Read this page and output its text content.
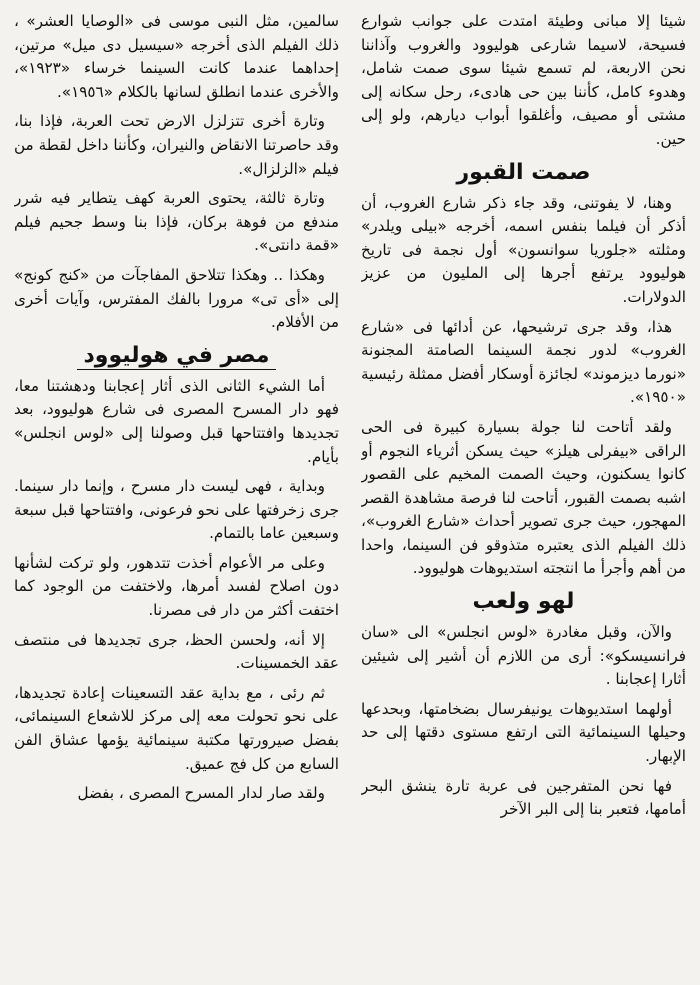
شيئا إلا مبانى وطيئة امتدت على جوانب شوارع فسيحة، لاسيما شارعى هوليوود والغروب وآذاننا نحن الاربعة، لم تسمع شيئا سوى صمت شامل، وهدوء كامل، كأننا بين حى هادىء، رحل سكانه إلى مشتى أو مصيف، وأغلقوا أبواب ديارهم، ولو إلى حين.

صمت القبور

وهنا، لا يفوتنى، وقد جاء ذكر شارع الغروب، أن أذكر أن فيلما بنفس اسمه، أخرجه «بيلى ويلدر» ومثلته «جلوريا سوانسون» أول نجمة فى تاريخ هوليوود يرتفع أجرها إلى المليون من عزيز الدولارات.

هذا، وقد جرى ترشيحها، عن أدائها فى «شارع الغروب» لدور نجمة السينما الصامتة المجنونة «نورما ديزموند» لجائزة أوسكار أفضل ممثلة رئيسية «١٩٥٠».

ولقد أتاحت لنا جولة بسيارة كبيرة فى الحى الراقى «بيفرلى هيلز» حيث يسكن أثرياء النجوم أو كانوا يسكنون، وحيث الصمت المخيم على القصور اشبه بصمت القبور، أتاحت لنا فرصة مشاهدة القصر المهجور، حيث جرى تصوير أحداث «شارع الغروب»، ذلك الفيلم الذى يعتبره متذوقو فن السينما، واحدا من أهم وأجرأ ما انتجته استديوهات هوليوود.

لهو ولعب

والآن، وقبل مغادرة «لوس انجلس» الى «سان فرانسيسكو»: أرى من اللازم أن أشير إلى شيئين أثارا إعجابنا .

أولهما استديوهات يونيفرسال بضخامتها، وبحدعها وحيلها السينمائية التى ارتفع مستوى دقتها إلى حد الإبهار.

فها نحن المتفرجين فى عربة تارة ينشق البحر أمامها، فتعبر بنا إلى البر الآخر

سالمين، مثل النبى موسى فى «الوصايا العشر» ، ذلك الفيلم الذى أخرجه «سيسيل دى ميل» مرتين، إحداهما عندما كانت السينما خرساء «١٩٢٣»، والأخرى عندما انطلق لسانها بالكلام «١٩٥٦».

وتارة أخرى تتزلزل الارض تحت العربة، فإذا بنا، وقد حاصرتنا الانقاض والنيران، وكأننا داخل لقطة من فيلم «الزلزال».

وتارة ثالثة، يحتوى العربة كهف يتطاير فيه شرر مندفع من فوهة بركان، فإذا بنا وسط جحيم فيلم «قمة دانتى».

وهكذا .. وهكذا تتلاحق المفاجآت من «كنج كونج» إلى «أى تى» مرورا بالفك المفترس، وآيات أخرى من الأفلام.

مصر في هوليوود

أما الشيء الثانى الذى أثار إعجابنا ودهشتنا معا، فهو دار المسرح المصرى فى شارع هوليوود، بعد تجديدها وافتتاحها قبل وصولنا إلى «لوس انجلس» بأيام.

وبداية ، فهى ليست دار مسرح ، وإنما دار سينما. جرى زخرفتها على نحو فرعونى، وافتتاحها قبل سبعة وسبعين عاما بالتمام.

وعلى مر الأعوام أخذت تتدهور، ولو تركت لشأنها دون اصلاح لفسد أمرها، ولاختفت من الوجود كما اختفت أكثر من دار فى مصرنا.

إلا أنه، ولحسن الحظ، جرى تجديدها فى منتصف عقد الخمسينات.

ثم رئى ، مع بداية عقد التسعينات إعادة تجديدها، على نحو تحولت معه إلى مركز للاشعاع السينمائى، بفضل صيرورتها مكتبة سينمائية يؤمها عشاق الفن السابع من كل فج عميق.

ولقد صار لدار المسرح المصرى ، بفضل
